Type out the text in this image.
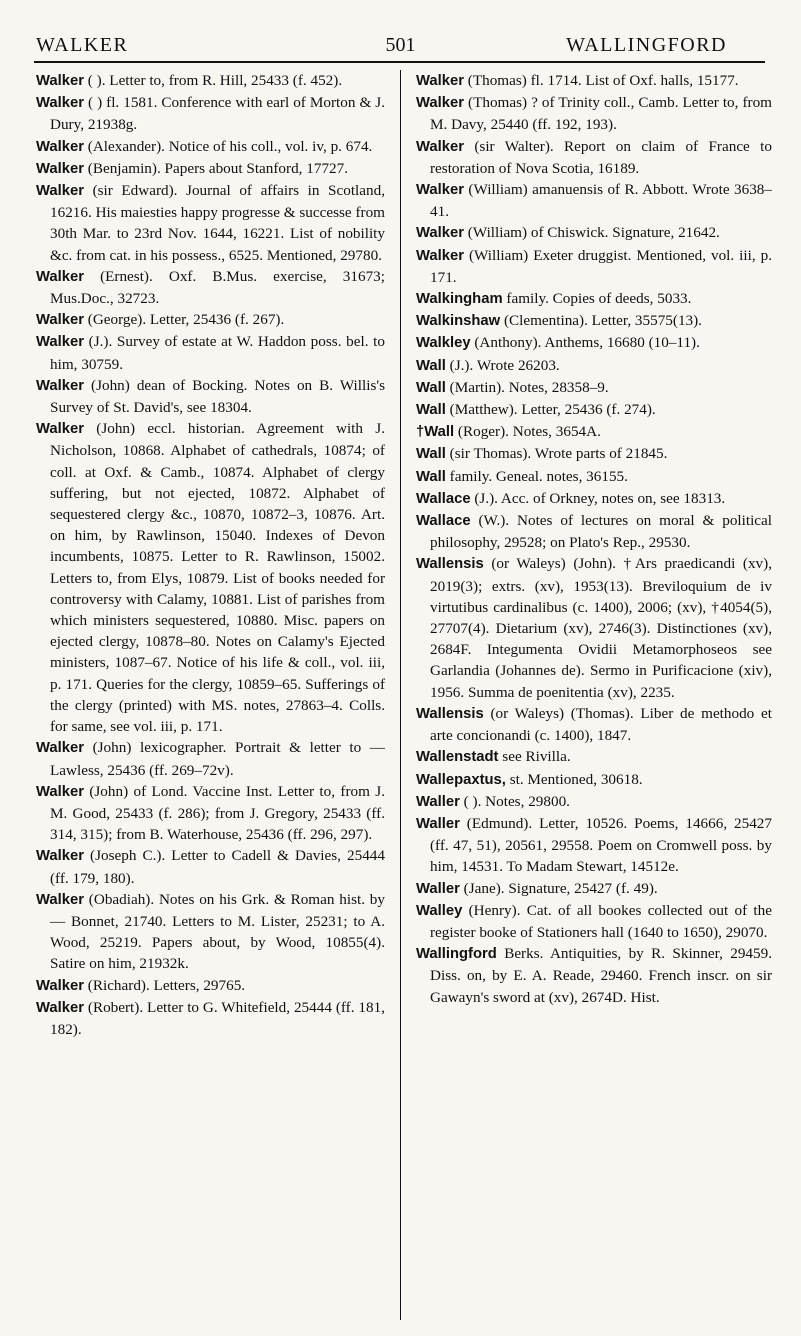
WALKER	501	WALLINGFORD

Walker ( ). Letter to, from R. Hill, 25433 (f. 452).

Walker ( ) fl. 1581. Conference with earl of Morton & J. Dury, 21938g.

Walker (Alexander). Notice of his coll., vol. iv, p. 674.

Walker (Benjamin). Papers about Stanford, 17727.

Walker (sir Edward). Journal of affairs in Scotland, 16216. His maiesties happy progresse & successe from 30th Mar. to 23rd Nov. 1644, 16221. List of nobility &c. from cat. in his possess., 6525. Mentioned, 29780.

Walker (Ernest). Oxf. B.Mus. exercise, 31673; Mus.Doc., 32723.

Walker (George). Letter, 25436 (f. 267).

Walker (J.). Survey of estate at W. Haddon poss. bel. to him, 30759.

Walker (John) dean of Bocking. Notes on B. Willis's Survey of St. David's, see 18304.

Walker (John) eccl. historian. Agreement with J. Nicholson, 10868. Alphabet of cathedrals, 10874; of coll. at Oxf. & Camb., 10874. Alphabet of clergy suffering, but not ejected, 10872. Alphabet of sequestered clergy &c., 10870, 10872–3, 10876. Art. on him, by Rawlinson, 15040. Indexes of Devon incumbents, 10875. Letter to R. Rawlinson, 15002. Letters to, from Elys, 10879. List of books needed for controversy with Calamy, 10881. List of parishes from which ministers sequestered, 10880. Misc. papers on ejected clergy, 10878–80. Notes on Calamy's Ejected ministers, 1087–67. Notice of his life & coll., vol. iii, p. 171. Queries for the clergy, 10859–65. Sufferings of the clergy (printed) with MS. notes, 27863–4. Colls. for same, see vol. iii, p. 171.

Walker (John) lexicographer. Portrait & letter to — Lawless, 25436 (ff. 269–72v).

Walker (John) of Lond. Vaccine Inst. Letter to, from J. M. Good, 25433 (f. 286); from J. Gregory, 25433 (ff. 314, 315); from B. Waterhouse, 25436 (ff. 296, 297).

Walker (Joseph C.). Letter to Cadell & Davies, 25444 (ff. 179, 180).

Walker (Obadiah). Notes on his Grk. & Roman hist. by — Bonnet, 21740. Letters to M. Lister, 25231; to A. Wood, 25219. Papers about, by Wood, 10855(4). Satire on him, 21932k.

Walker (Richard). Letters, 29765.

Walker (Robert). Letter to G. Whitefield, 25444 (ff. 181, 182).

Walker (Thomas) fl. 1714. List of Oxf. halls, 15177.

Walker (Thomas) ? of Trinity coll., Camb. Letter to, from M. Davy, 25440 (ff. 192, 193).

Walker (sir Walter). Report on claim of France to restoration of Nova Scotia, 16189.

Walker (William) amanuensis of R. Abbott. Wrote 3638–41.

Walker (William) of Chiswick. Signature, 21642.

Walker (William) Exeter druggist. Mentioned, vol. iii, p. 171.

Walkingham family. Copies of deeds, 5033.

Walkinshaw (Clementina). Letter, 35575(13).

Walkley (Anthony). Anthems, 16680 (10–11).

Wall (J.). Wrote 26203.

Wall (Martin). Notes, 28358–9.

Wall (Matthew). Letter, 25436 (f. 274).

†Wall (Roger). Notes, 3654A.

Wall (sir Thomas). Wrote parts of 21845.

Wall family. Geneal. notes, 36155.

Wallace (J.). Acc. of Orkney, notes on, see 18313.

Wallace (W.). Notes of lectures on moral & political philosophy, 29528; on Plato's Rep., 29530.

Wallensis (or Waleys) (John). †Ars praedicandi (xv), 2019(3); extrs. (xv), 1953(13). Breviloquium de iv virtutibus cardinalibus (c. 1400), 2006; (xv), †4054(5), 27707(4). Dietarium (xv), 2746(3). Distinctiones (xv), 2684F. Integumenta Ovidii Metamorphoseos see Garlandia (Johannes de). Sermo in Purificacione (xiv), 1956. Summa de poenitentia (xv), 2235.

Wallensis (or Waleys) (Thomas). Liber de methodo et arte concionandi (c. 1400), 1847.

Wallenstadt see Rivilla.

Wallepaxtus, st. Mentioned, 30618.

Waller ( ). Notes, 29800.

Waller (Edmund). Letter, 10526. Poems, 14666, 25427 (ff. 47, 51), 20561, 29558. Poem on Cromwell poss. by him, 14531. To Madam Stewart, 14512e.

Waller (Jane). Signature, 25427 (f. 49).

Walley (Henry). Cat. of all bookes collected out of the register booke of Stationers hall (1640 to 1650), 29070.

Wallingford Berks. Antiquities, by R. Skinner, 29459. Diss. on, by E. A. Reade, 29460. French inscr. on sir Gawayn's sword at (xv), 2674D. Hist.
